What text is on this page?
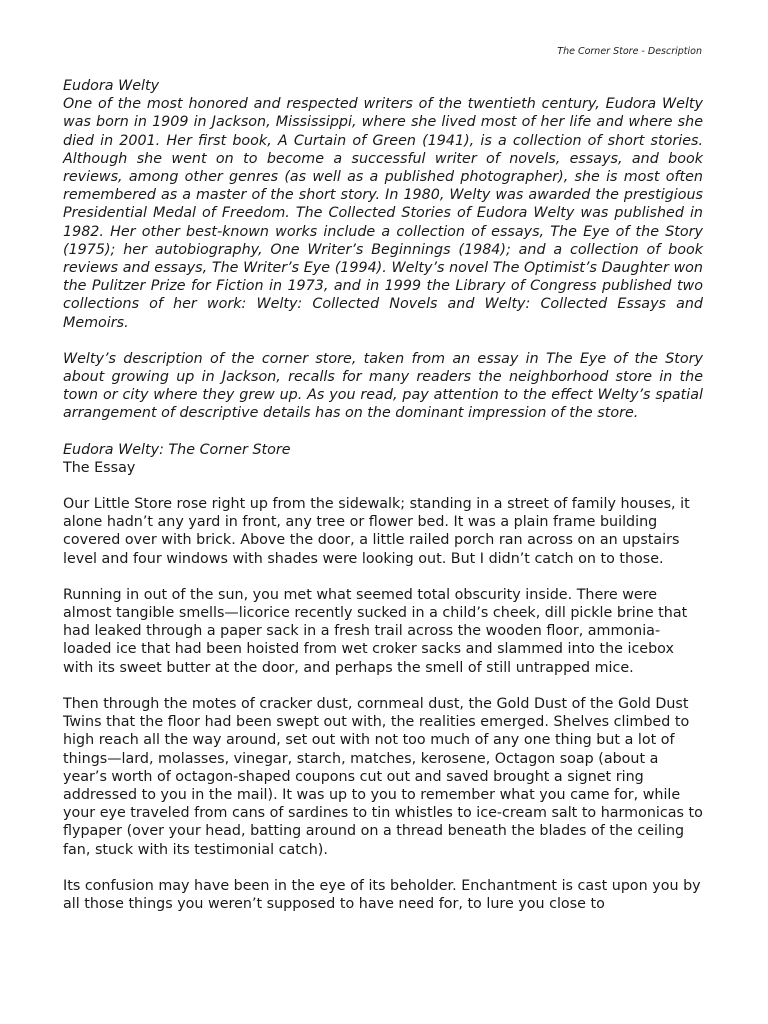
The Corner Store - Description

Eudora Welty

One of the most honored and respected writers of the twentieth century, Eudora Welty was born in 1909 in Jackson, Mississippi, where she lived most of her life and where she died in 2001. Her first book, A Curtain of Green (1941), is a collection of short stories. Although she went on to become a successful writer of novels, essays, and book reviews, among other genres (as well as a published photographer), she is most often remembered as a master of the short story. In 1980, Welty was awarded the prestigious Presidential Medal of Freedom. The Collected Stories of Eudora Welty was published in 1982. Her other best-known works include a collection of essays, The Eye of the Story (1975); her autobiography, One Writer’s Beginnings (1984); and a collection of book reviews and essays, The Writer’s Eye (1994). Welty’s novel The Optimist’s Daughter won the Pulitzer Prize for Fiction in 1973, and in 1999 the Library of Congress published two collections of her work: Welty: Collected Novels and Welty: Collected Essays and Memoirs.

Welty’s description of the corner store, taken from an essay in The Eye of the Story about growing up in Jackson, recalls for many readers the neighborhood store in the town or city where they grew up. As you read, pay attention to the effect Welty’s spatial arrangement of descriptive details has on the dominant impression of the store.

Eudora Welty: The Corner Store

The Essay

Our Little Store rose right up from the sidewalk; standing in a street of family houses, it alone hadn’t any yard in front, any tree or flower bed. It was a plain frame building covered over with brick. Above the door, a little railed porch ran across on an upstairs level and four windows with shades were looking out. But I didn’t catch on to those.

Running in out of the sun, you met what seemed total obscurity inside. There were almost tangible smells—licorice recently sucked in a child’s cheek, dill pickle brine that had leaked through a paper sack in a fresh trail across the wooden floor, ammonia-loaded ice that had been hoisted from wet croker sacks and slammed into the icebox with its sweet butter at the door, and perhaps the smell of still untrapped mice.

Then through the motes of cracker dust, cornmeal dust, the Gold Dust of the Gold Dust Twins that the floor had been swept out with, the realities emerged. Shelves climbed to high reach all the way around, set out with not too much of any one thing but a lot of things—lard, molasses, vinegar, starch, matches, kerosene, Octagon soap (about a year’s worth of octagon-shaped coupons cut out and saved brought a signet ring addressed to you in the mail). It was up to you to remember what you came for, while your eye traveled from cans of sardines to tin whistles to ice-cream salt to harmonicas to flypaper (over your head, batting around on a thread beneath the blades of the ceiling fan, stuck with its testimonial catch).

Its confusion may have been in the eye of its beholder. Enchantment is cast upon you by all those things you weren’t supposed to have need for, to lure you close to
